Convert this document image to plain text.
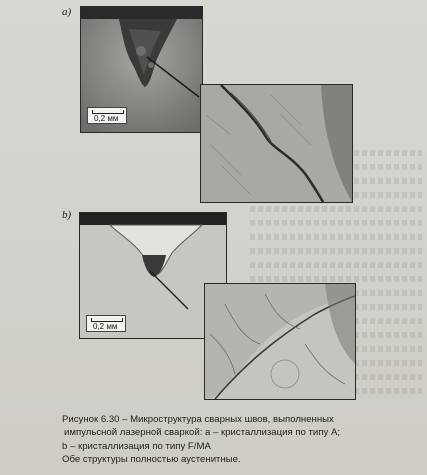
a)
0,2 мм
b)
0,2 мм
Рисунок 6.30 – Микроструктура сварных швов, выполненных
импульсной лазерной сваркой: a – кристаллизация по типу A;
b – кристаллизация по типу F/MA
Обе структуры полностью аустенитные.
